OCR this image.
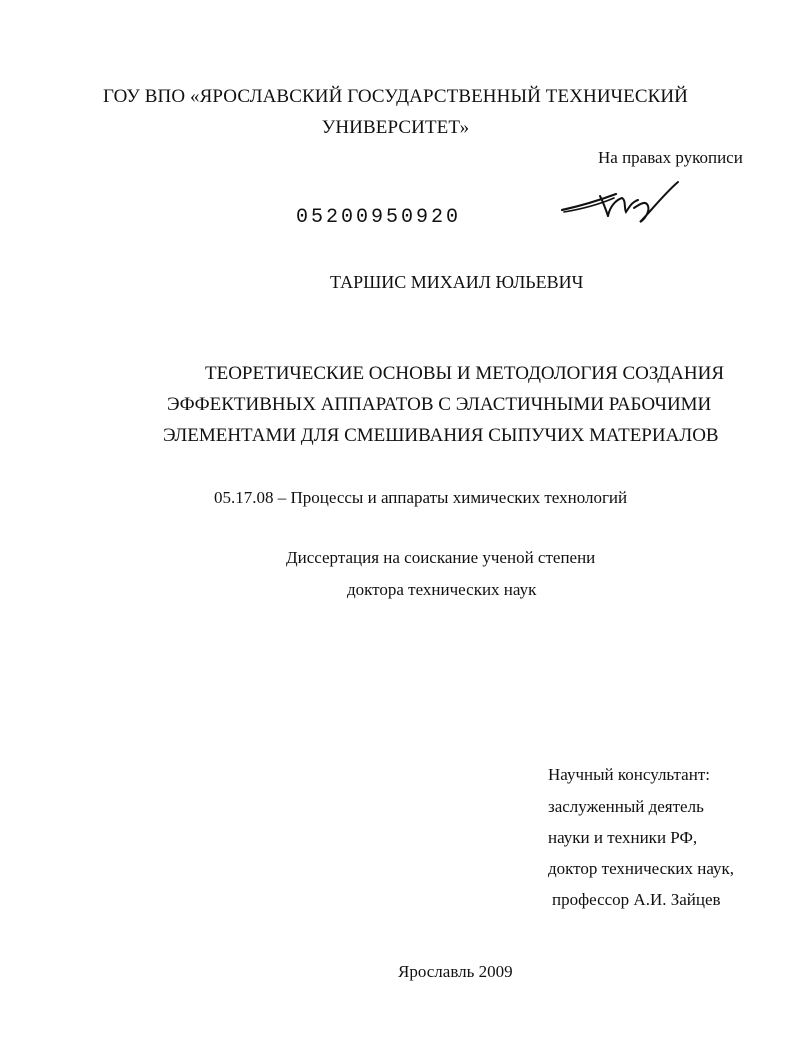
ГОУ ВПО «ЯРОСЛАВСКИЙ ГОСУДАРСТВЕННЫЙ ТЕХНИЧЕСКИЙ
УНИВЕРСИТЕТ»
На правах рукописи
05200950920
ТАРШИС МИХАИЛ ЮЛЬЕВИЧ
ТЕОРЕТИЧЕСКИЕ ОСНОВЫ И МЕТОДОЛОГИЯ СОЗДАНИЯ
ЭФФЕКТИВНЫХ АППАРАТОВ С ЭЛАСТИЧНЫМИ РАБОЧИМИ
ЭЛЕМЕНТАМИ ДЛЯ СМЕШИВАНИЯ СЫПУЧИХ МАТЕРИАЛОВ
05.17.08 – Процессы и аппараты химических технологий
Диссертация на соискание ученой степени
доктора технических наук
Научный консультант:
заслуженный деятель
науки и техники РФ,
доктор технических наук,
профессор А.И. Зайцев
Ярославль 2009
